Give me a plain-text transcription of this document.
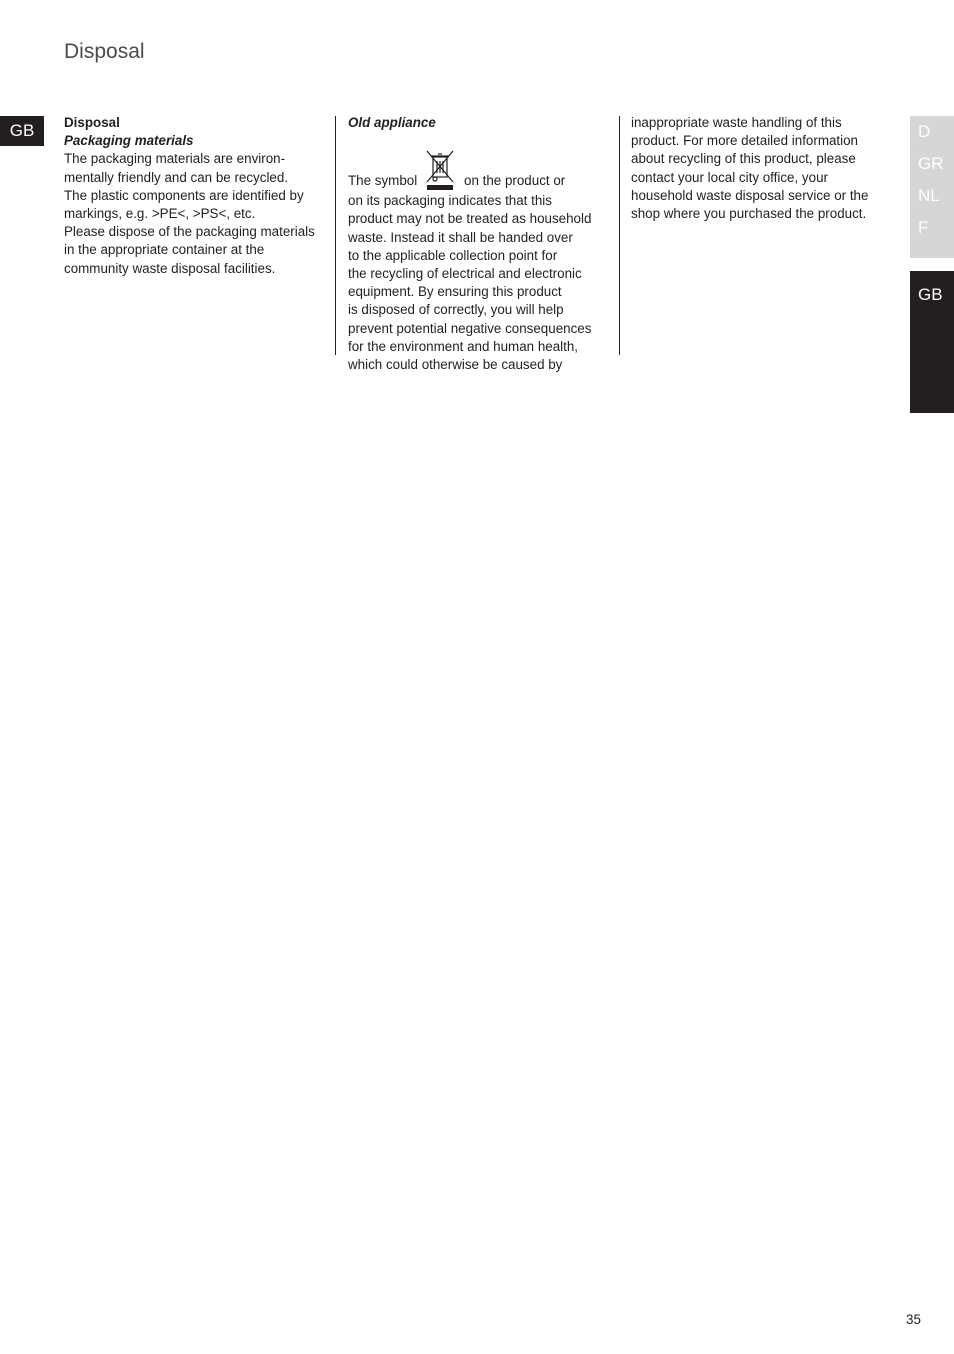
Disposal
GB	Disposal

Packaging materials

The packaging materials are environ-

mentally friendly and can be recycled.

The plastic components are identified by

markings, e.g. >PE<, >PS<, etc.

Please dispose of the packaging materials

in the appropriate container at the

community waste disposal facilities.

Old appliance

The symbol	on the product or

on its packaging indicates that this

product may not be treated as household

waste. Instead it shall be handed over

to the applicable collection point for

the recycling of electrical and electronic

equipment. By ensuring this product

is disposed of correctly, you will help

prevent potential negative consequences

for the environment and human health,

which could otherwise be caused by

inappropriate waste handling of this

product. For more detailed information

about recycling of this product, please

contact your local city office, your

household waste disposal service or the

shop where you purchased the product.

D
GR
NL
F
GB
35
